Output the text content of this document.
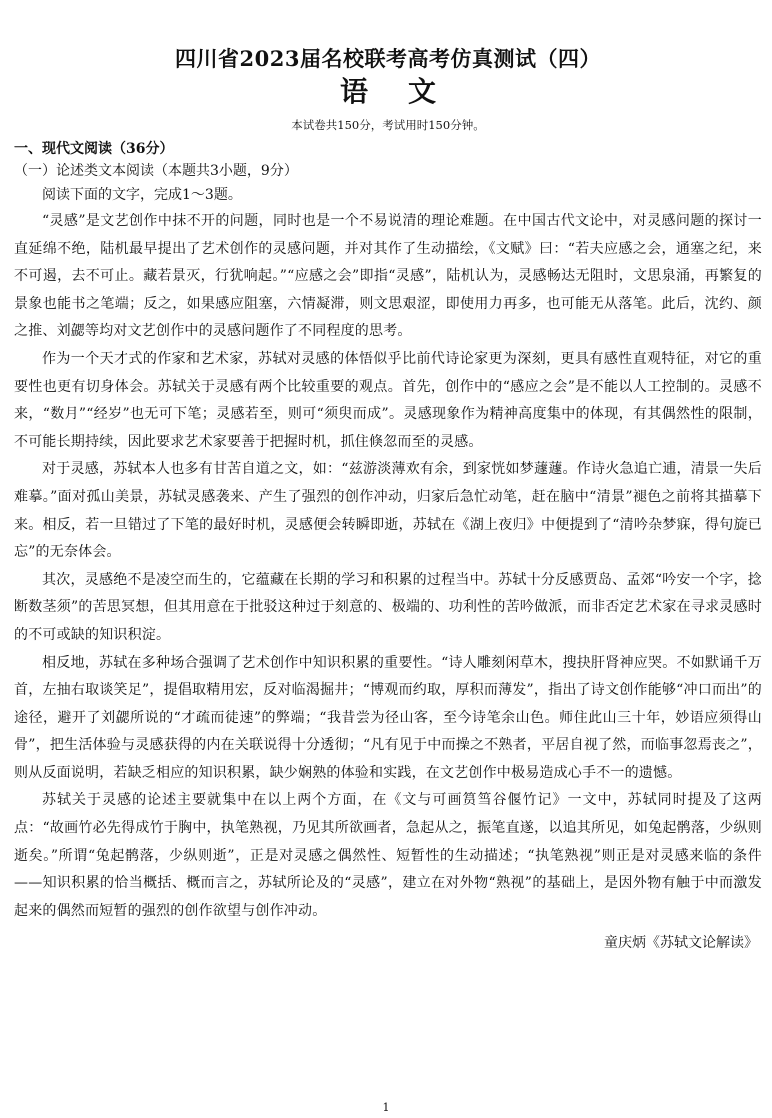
四川省2023届名校联考高考仿真测试（四）
语文

本试卷共150分，考试用时150分钟。

一、现代文阅读（36分）

（一）论述类文本阅读（本题共3小题，9分）

阅读下面的文字，完成1～3题。

“灵感”是文艺创作中抹不开的问题，同时也是一个不易说清的理论难题。在中国古代文论中，对灵感问题的探讨一直延绵不绝，陆机最早提出了艺术创作的灵感问题，并对其作了生动描绘，《文赋》曰：“若夫应感之会，通塞之纪，来不可遏，去不可止。藏若景灭，行犹响起。”“应感之会”即指“灵感”，陆机认为，灵感畅达无阻时，文思泉涌，再繁复的景象也能书之笔端；反之，如果感应阻塞，六情凝滞，则文思艰涩，即使用力再多，也可能无从落笔。此后，沈约、颜之推、刘勰等均对文艺创作中的灵感问题作了不同程度的思考。

作为一个天才式的作家和艺术家，苏轼对灵感的体悟似乎比前代诗论家更为深刻，更具有感性直观特征，对它的重要性也更有切身体会。苏轼关于灵感有两个比较重要的观点。首先，创作中的“感应之会”是不能以人工控制的。灵感不来，“数月”“经岁”也无可下笔；灵感若至，则可“须臾而成”。灵感现象作为精神高度集中的体现，有其偶然性的限制，不可能长期持续，因此要求艺术家要善于把握时机，抓住倏忽而至的灵感。

对于灵感，苏轼本人也多有甘苦自道之文，如：“兹游淡薄欢有余，到家恍如梦蘧蘧。作诗火急追亡逋，清景一失后难摹。”面对孤山美景，苏轼灵感袭来、产生了强烈的创作冲动，归家后急忙动笔，赶在脑中“清景”褪色之前将其描摹下来。相反，若一旦错过了下笔的最好时机，灵感便会转瞬即逝，苏轼在《湖上夜归》中便提到了“清吟杂梦寐，得句旋已忘”的无奈体会。

其次，灵感绝不是凌空而生的，它蕴藏在长期的学习和积累的过程当中。苏轼十分反感贾岛、孟郊“吟安一个字，捻断数茎须”的苦思冥想，但其用意在于批驳这种过于刻意的、极端的、功利性的苦吟做派，而非否定艺术家在寻求灵感时的不可或缺的知识积淀。

相反地，苏轼在多种场合强调了艺术创作中知识积累的重要性。“诗人雕刻闲草木，搜抉肝肾神应哭。不如默诵千万首，左抽右取谈笑足”，提倡取精用宏，反对临渴掘井；“博观而约取，厚积而薄发”，指出了诗文创作能够“冲口而出”的途径，避开了刘勰所说的“才疏而徒速”的弊端；“我昔尝为径山客，至今诗笔余山色。师住此山三十年，妙语应须得山骨”，把生活体验与灵感获得的内在关联说得十分透彻；“凡有见于中而操之不熟者，平居自视了然，而临事忽焉丧之”，则从反面说明，若缺乏相应的知识积累，缺少娴熟的体验和实践，在文艺创作中极易造成心手不一的遗憾。

苏轼关于灵感的论述主要就集中在以上两个方面，在《文与可画筼筜谷偃竹记》一文中，苏轼同时提及了这两点：“故画竹必先得成竹于胸中，执笔熟视，乃见其所欲画者，急起从之，振笔直遂，以追其所见，如兔起鹘落，少纵则逝矣。”所谓“兔起鹘落，少纵则逝”，正是对灵感之偶然性、短暂性的生动描述；“执笔熟视”则正是对灵感来临的条件——知识积累的恰当概括、概而言之，苏轼所论及的“灵感”，建立在对外物“熟视”的基础上，是因外物有触于中而激发起来的偶然而短暂的强烈的创作欲望与创作冲动。

童庆炳《苏轼文论解读》

1
